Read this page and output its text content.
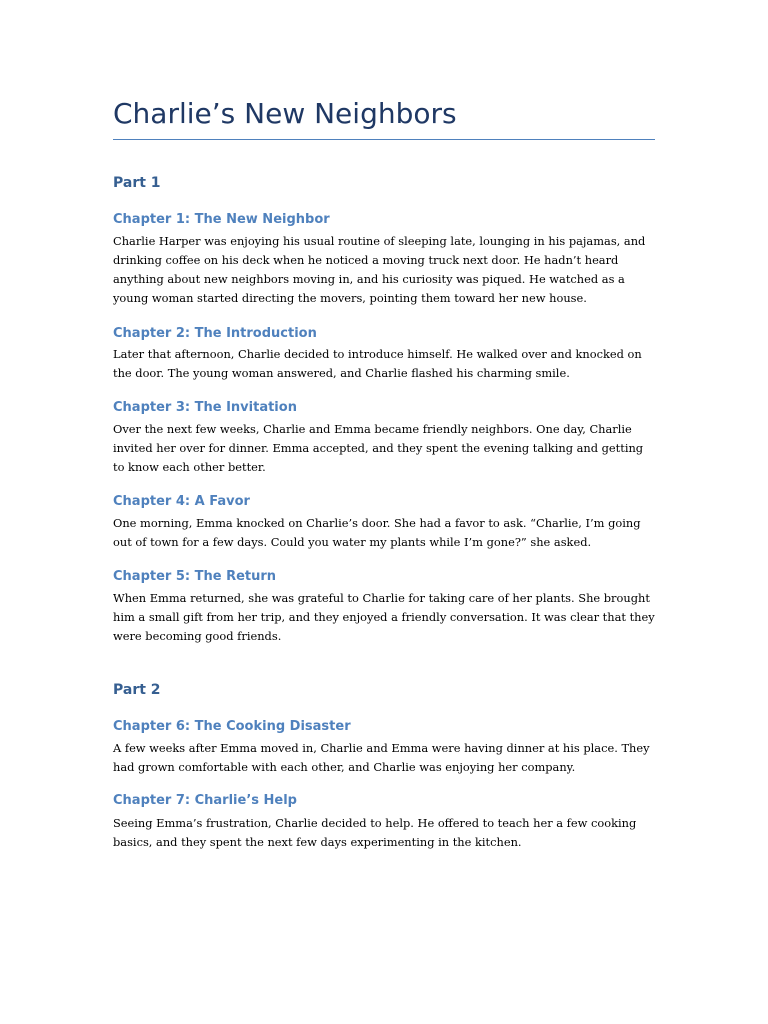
Charlie’s New Neighbors
Part 1
Chapter 1: The New Neighbor

Charlie Harper was enjoying his usual routine of sleeping late, lounging in his pajamas, and drinking coffee on his deck when he noticed a moving truck next door. He hadn’t heard anything about new neighbors moving in, and his curiosity was piqued. He watched as a young woman started directing the movers, pointing them toward her new house.

Chapter 2: The Introduction

Later that afternoon, Charlie decided to introduce himself. He walked over and knocked on the door. The young woman answered, and Charlie flashed his charming smile.

Chapter 3: The Invitation

Over the next few weeks, Charlie and Emma became friendly neighbors. One day, Charlie invited her over for dinner. Emma accepted, and they spent the evening talking and getting to know each other better.

Chapter 4: A Favor

One morning, Emma knocked on Charlie’s door. She had a favor to ask. “Charlie, I’m going out of town for a few days. Could you water my plants while I’m gone?” she asked.

Chapter 5: The Return

When Emma returned, she was grateful to Charlie for taking care of her plants. She brought him a small gift from her trip, and they enjoyed a friendly conversation. It was clear that they were becoming good friends.

Part 2
Chapter 6: The Cooking Disaster

A few weeks after Emma moved in, Charlie and Emma were having dinner at his place. They had grown comfortable with each other, and Charlie was enjoying her company.

Chapter 7: Charlie’s Help

Seeing Emma’s frustration, Charlie decided to help. He offered to teach her a few cooking basics, and they spent the next few days experimenting in the kitchen.
